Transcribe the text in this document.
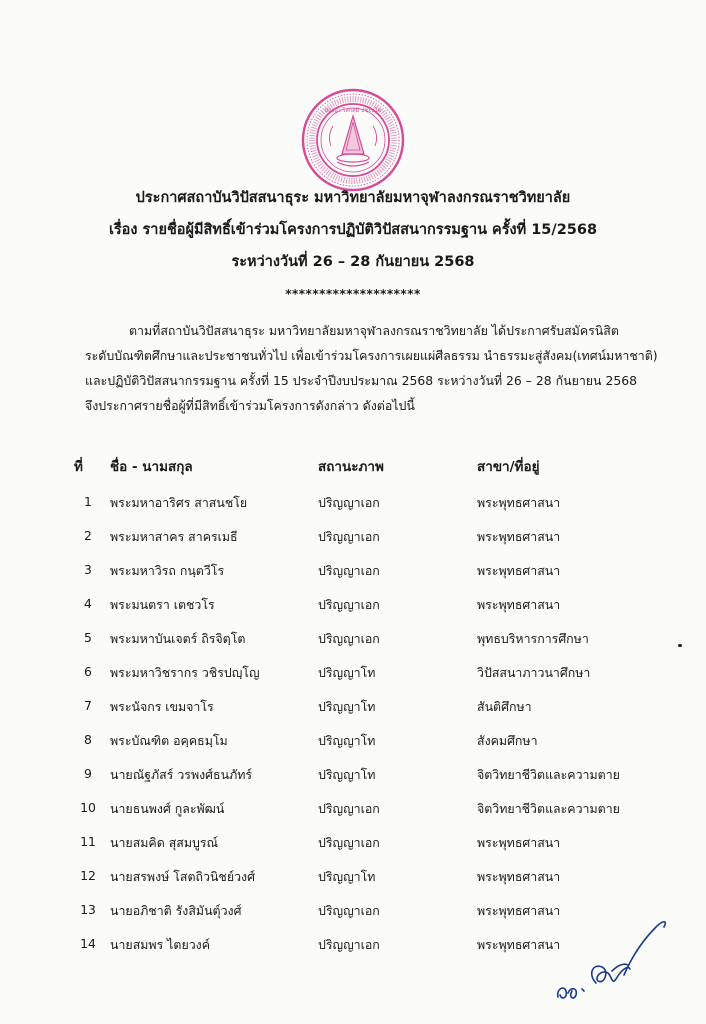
ปญฺญา โลกสฺมึ ปชฺโชโต
ประกาศสถาบันวิปัสสนาธุระ มหาวิทยาลัยมหาจุฬาลงกรณราชวิทยาลัย
เรื่อง รายชื่อผู้มีสิทธิ์เข้าร่วมโครงการปฏิบัติวิปัสสนากรรมฐาน ครั้งที่ 15/2568
ระหว่างวันที่ 26 – 28 กันยายน 2568
********************

ตามที่สถาบันวิปัสสนาธุระ มหาวิทยาลัยมหาจุฬาลงกรณราชวิทยาลัย ได้ประกาศรับสมัครนิสิต

ระดับบัณฑิตศึกษาและประชาชนทั่วไป เพื่อเข้าร่วมโครงการเผยแผ่ศีลธรรม นำธรรมะสู่สังคม(เทศน์มหาชาติ)

และปฏิบัติวิปัสสนากรรมฐาน ครั้งที่ 15 ประจำปีงบประมาณ 2568 ระหว่างวันที่ 26 – 28 กันยายน 2568

จึงประกาศรายชื่อผู้ที่มีสิทธิ์เข้าร่วมโครงการดังกล่าว ดังต่อไปนี้

ที่	ชื่อ - นามสกุล	สถานะภาพ	สาขา/ที่อยู่
1	พระมหาอาริศร สาสนชโย	ปริญญาเอก	พระพุทธศาสนา
2	พระมหาสาคร สาครเมธี	ปริญญาเอก	พระพุทธศาสนา
3	พระมหาวิรถ กนฺตวีโร	ปริญญาเอก	พระพุทธศาสนา
4	พระมนตรา เตชวโร	ปริญญาเอก	พระพุทธศาสนา
5	พระมหาบันเจตร์ ถิรจิตฺโต	ปริญญาเอก	พุทธบริหารการศึกษา
6	พระมหาวิชรากร วชิรปญฺโญ	ปริญญาโท	วิปัสสนาภาวนาศึกษา
7	พระนัจกร เขมจาโร	ปริญญาโท	สันติศึกษา
8	พระบัณฑิต อคฺคธมฺโม	ปริญญาโท	สังคมศึกษา
9	นายณัฐภัสร์ วรพงศ์ธนภัทร์	ปริญญาโท	จิตวิทยาชีวิตและความตาย
10	นายธนพงศ์ กูละพัฒน์	ปริญญาเอก	จิตวิทยาชีวิตและความตาย
11	นายสมคิด สุสมบูรณ์	ปริญญาเอก	พระพุทธศาสนา
12	นายสรพงษ์ โสตถิวนิชย์วงศ์	ปริญญาโท	พระพุทธศาสนา
13	นายอภิชาติ รังสิมันตุ์วงศ์	ปริญญาเอก	พระพุทธศาสนา
14	นายสมพร ไตยวงค์	ปริญญาเอก	พระพุทธศาสนา
